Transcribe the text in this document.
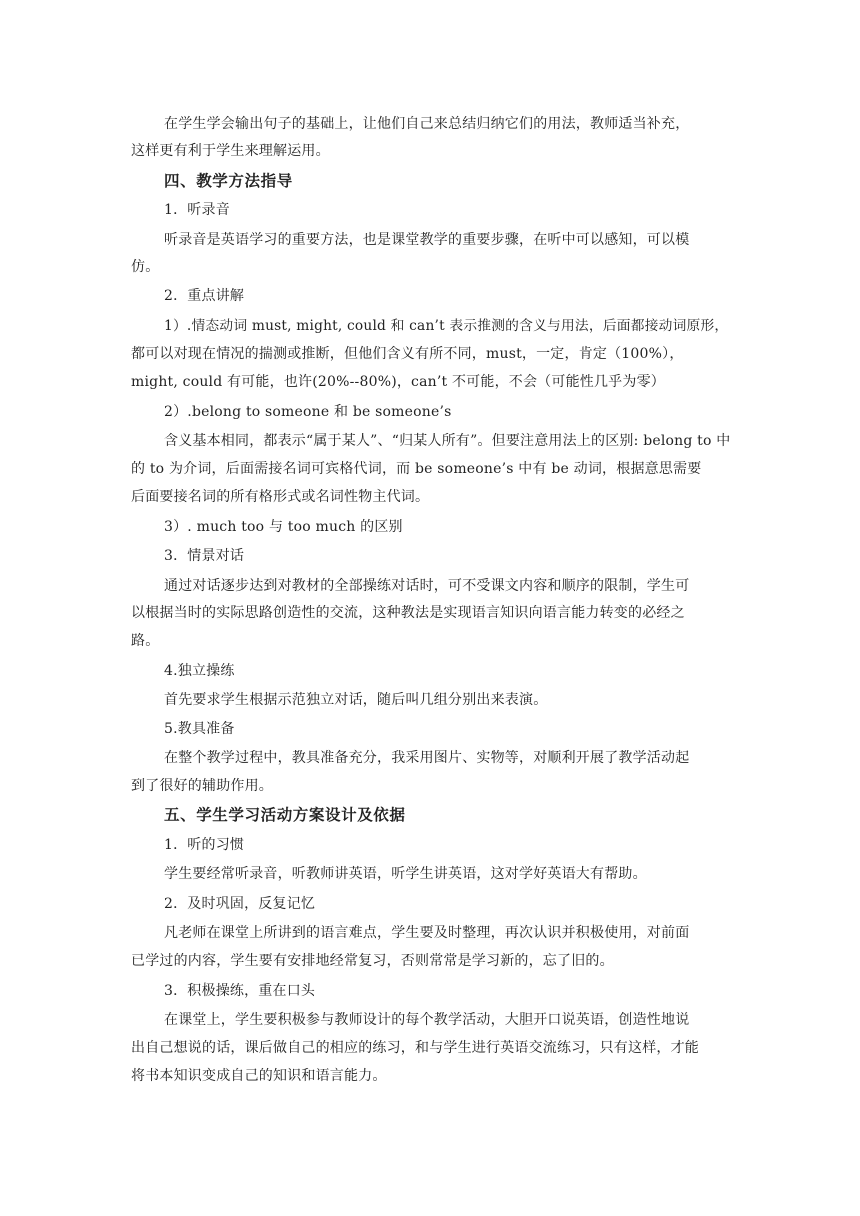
在学生学会输出句子的基础上，让他们自己来总结归纳它们的用法，教师适当补充，
这样更有利于学生来理解运用。
四、教学方法指导
1．听录音
听录音是英语学习的重要方法，也是课堂教学的重要步骤，在听中可以感知，可以模
仿。
2．重点讲解
1）.情态动词 must, might, could 和 can’t 表示推测的含义与用法，后面都接动词原形，
都可以对现在情况的揣测或推断，但他们含义有所不同，must，一定，肯定（100%），
might, could 有可能，也许(20%--80%)，can’t 不可能，不会（可能性几乎为零）
2）.belong to someone 和 be someone’s
含义基本相同，都表示“属于某人”、“归某人所有”。但要注意用法上的区别: belong to 中
的 to 为介词，后面需接名词可宾格代词，而 be someone’s 中有 be 动词，根据意思需要
后面要接名词的所有格形式或名词性物主代词。
3）. much too 与 too much 的区别
3．情景对话
通过对话逐步达到对教材的全部操练对话时，可不受课文内容和顺序的限制，学生可
以根据当时的实际思路创造性的交流，这种教法是实现语言知识向语言能力转变的必经之
路。
4.独立操练
首先要求学生根据示范独立对话，随后叫几组分别出来表演。
5.教具准备
在整个教学过程中，教具准备充分，我采用图片、实物等，对顺利开展了教学活动起
到了很好的辅助作用。
五、学生学习活动方案设计及依据
1．听的习惯
学生要经常听录音，听教师讲英语，听学生讲英语，这对学好英语大有帮助。
2．及时巩固，反复记忆
凡老师在课堂上所讲到的语言难点，学生要及时整理，再次认识并积极使用，对前面
已学过的内容，学生要有安排地经常复习，否则常常是学习新的，忘了旧的。
3．积极操练，重在口头
在课堂上，学生要积极参与教师设计的每个教学活动，大胆开口说英语，创造性地说
出自己想说的话，课后做自己的相应的练习，和与学生进行英语交流练习，只有这样，才能
将书本知识变成自己的知识和语言能力。
